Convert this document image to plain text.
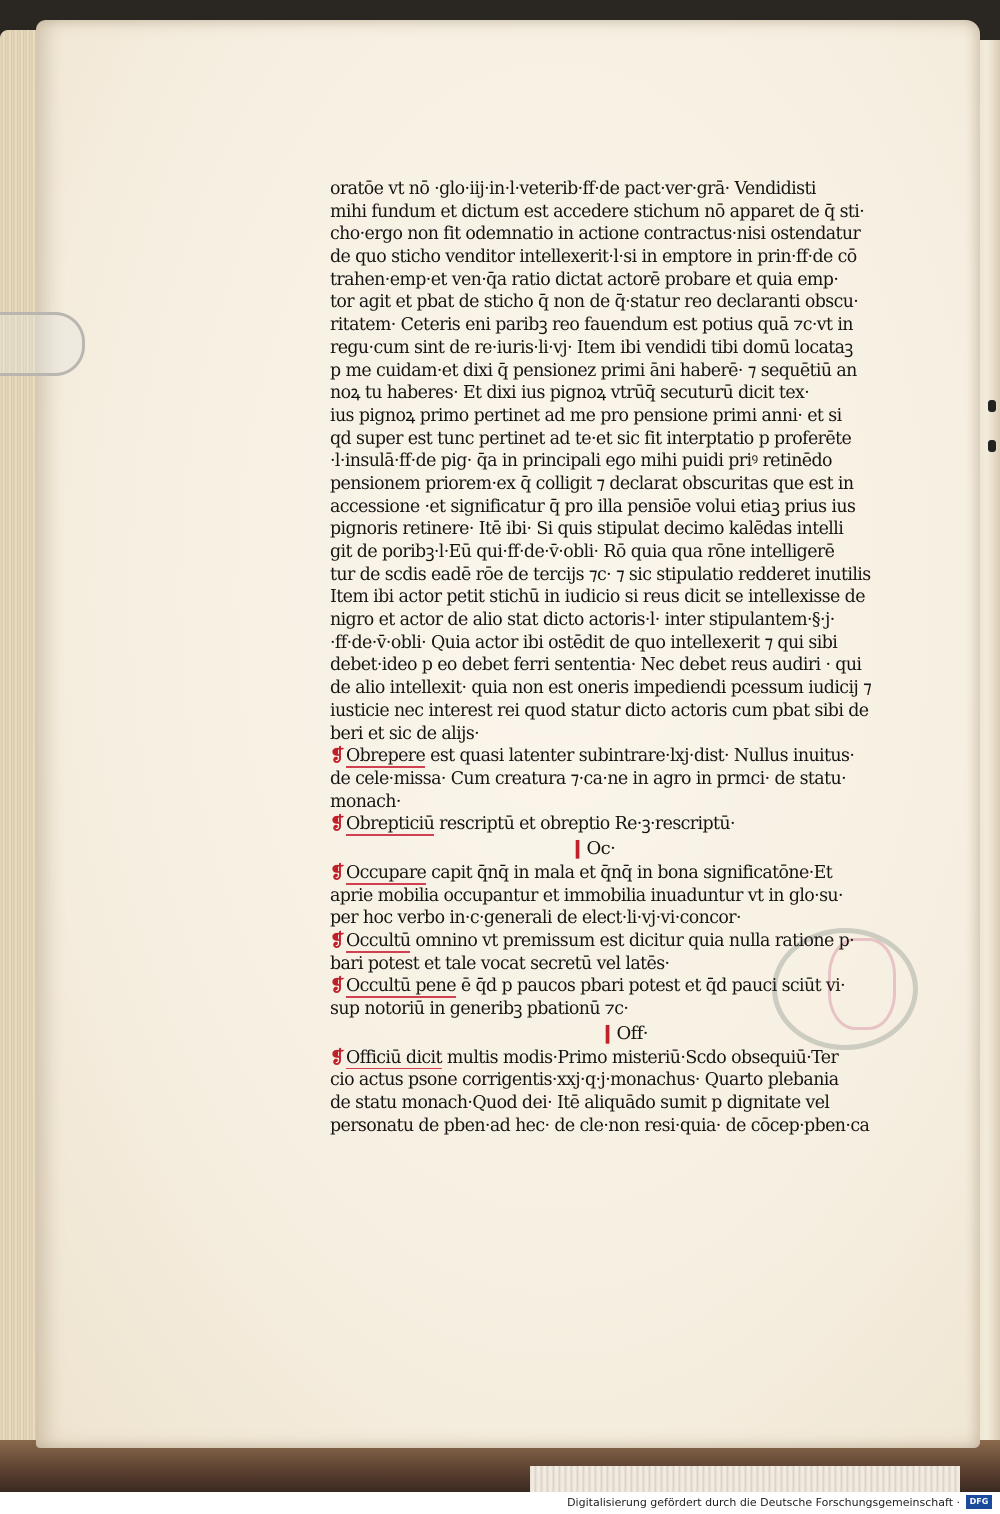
oratōe vt nō ·glo·iij·in·l·veterib·ff·de pact·ver·grā· Vendidisti
mihi fundum et dictum est accedere stichum nō apparet de q̄ sti·
cho·ergo non fit odemnatio in actione contractus·nisi ostendatur
de quo sticho venditor intellexerit·l·si in emptore in prin·ff·de cō
trahen·emp·et ven·q̄a ratio dictat actorē probare et quia emp·
tor agit et pbat de sticho q̄ non de q̄·statur reo declaranti obscu·
ritatem· Ceteris eni paribꝫ reo fauendum est potius quā ⁊c·vt in
regu·cum sint de re·iuris·li·vj· Item ibi vendidi tibi domū locataꝫ
p me cuidam·et dixi q̄ pensionez primi āni haberē· ⁊ sequētiū an
noꝝ tu haberes· Et dixi ius pignoꝝ vtrūq̄ secuturū dicit tex·
ius pignoꝝ primo pertinet ad me pro pensione primi anni· et si
qd super est tunc pertinet ad te·et sic fit interptatio p proferēte
·l·insulā·ff·de pig· q̄a in principali ego mihi puidi priꝰ retinēdo
pensionem priorem·ex q̄ colligit̄ ⁊ declarat̄ obscuritas que est in
accessione ·et significatur q̄ pro illa pensiōe volui etiaꝫ prius ius
pignoris retinere· Itē ibi· Si quis stipulat̄ decimo kalēdas intelli
git̄ de poribꝫ·l·Eū qui·ff·de·v̄·obli· Rō quia qua rōne intelligerē
tur de scdis eadē rōe de tercijs ⁊c· ⁊ sic stipulatio redderet inutilis
Item ibi actor petit stichū in iudicio si reus dicit se intellexisse de
nigro et actor de alio stat̄ dicto actoris·l· inter stipulantem·§·j·
·ff·de·v̄·obli· Quia actor ibi ostēdit de quo intellexerit ⁊ qui sibi
debet̄·ideo p eo debet ferri sententia· Nec debet reus audiri · qui
de alio intellexit· quia non est oneris impediendi pcessum iudicij ⁊
iusticie nec interest rei quod statur dicto actoris cum pbat sibi de
beri et sic de alijs·
❡ Obrepere est quasi latenter subintrare·lxj·dist· Nullus inuitus·
de cele·missa· Cum creatura ⁊·ca·ne in agro in prmci· de statu·
monach·
❡ Obrepticiū rescriptū et obreptio Re·ꝫ·rescriptū·
❙ Oc·
❡ Occupare capit̄ q̄nq̄ in mala et q̄nq̄ in bona significatōne·Et
aprie mobilia occupantur et immobilia inuaduntur vt in glo·su·
per hoc verbo in·c·generali de elect·li·vj·vi·concor·
❡ Occultū omnino vt premissum est dicitur quia nulla ratione p·
bari potest et tale vocat̄ secretū vel latēs·
❡ Occultū pene ē q̄d p paucos pbari potest et q̄d pauci sciūt vi·
sup notoriū in generibꝫ pbationū ⁊c·
❙ Off·
❡ Officiū dicit̄ multis modis·Primo misteriū·Scd̄o obsequiū·Ter
cio actus psone corrigentis·xxj·q·j·monachus· Quarto plebania
de statu monach·Quod dei· Itē aliquādo sumit̄ p dignitate vel
personatu de pben·ad hec· de cle·non resi·quia· de cōcep·pben·ca
Digitalisierung gefördert durch die Deutsche Forschungsgemeinschaft ·	DFG
